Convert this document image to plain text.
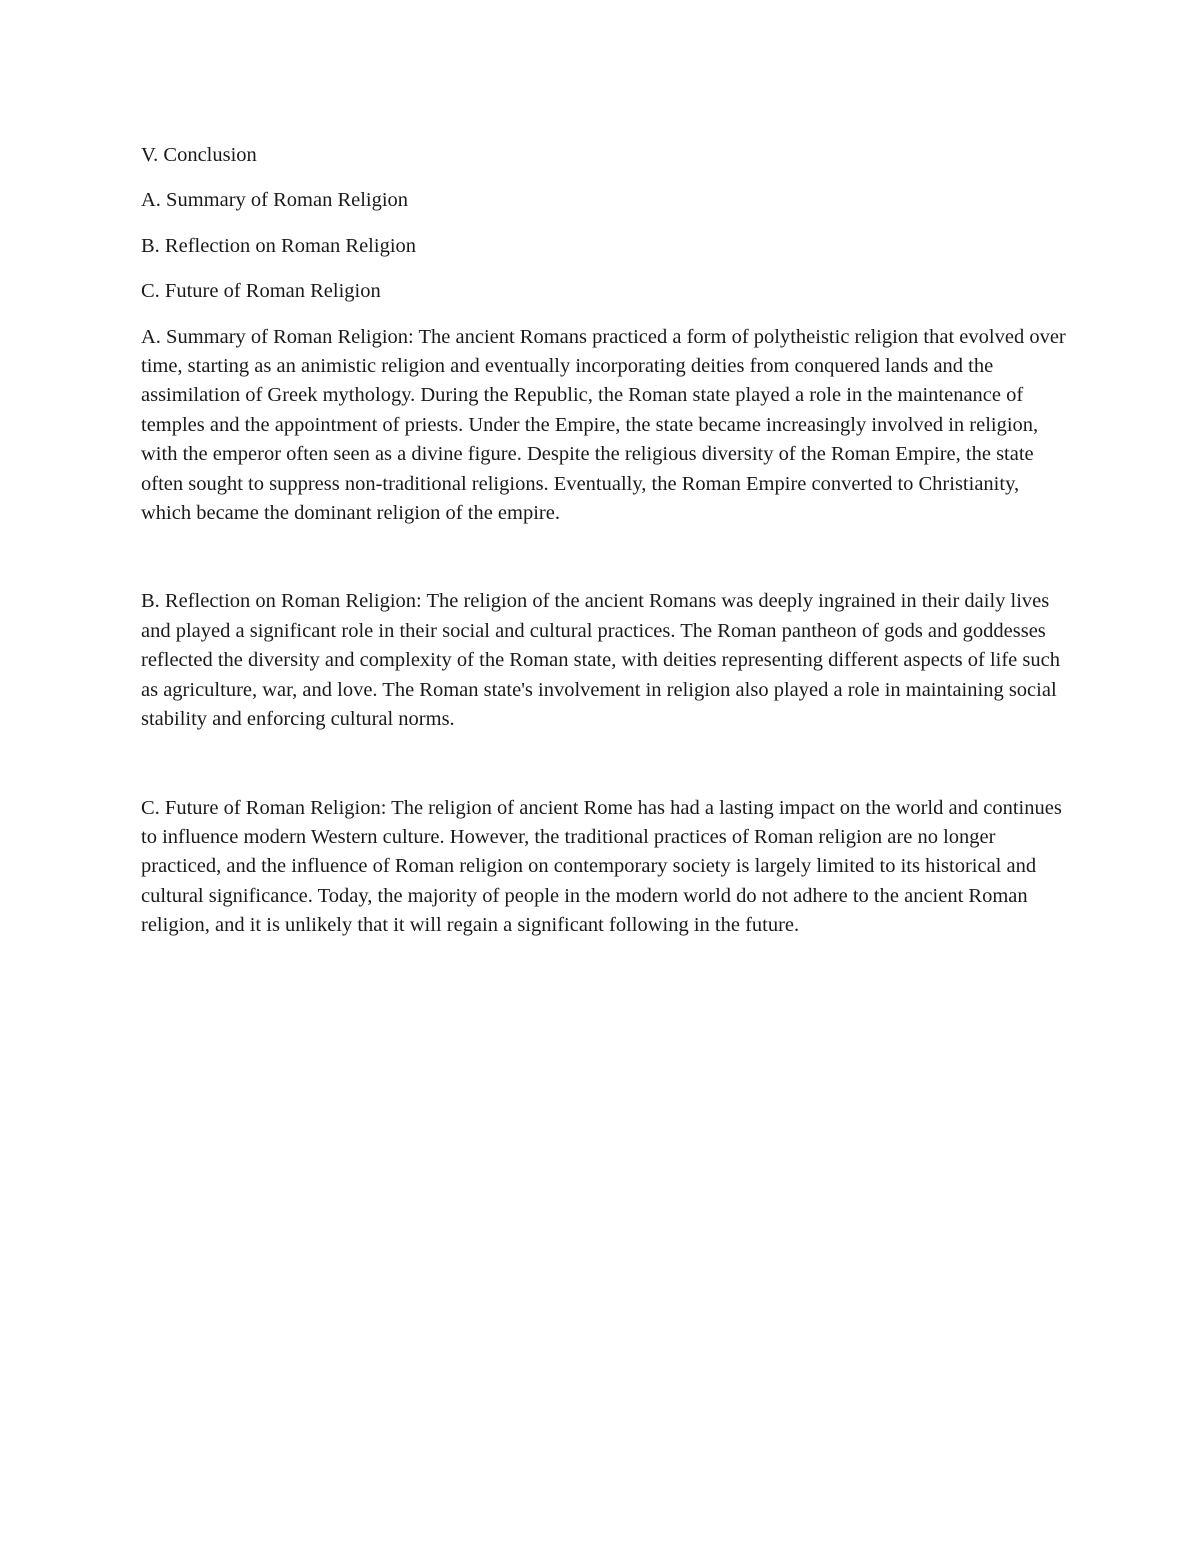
V. Conclusion

A. Summary of Roman Religion

B. Reflection on Roman Religion

C. Future of Roman Religion

A. Summary of Roman Religion: The ancient Romans practiced a form of polytheistic religion that evolved over time, starting as an animistic religion and eventually incorporating deities from conquered lands and the assimilation of Greek mythology. During the Republic, the Roman state played a role in the maintenance of temples and the appointment of priests. Under the Empire, the state became increasingly involved in religion, with the emperor often seen as a divine figure. Despite the religious diversity of the Roman Empire, the state often sought to suppress non-traditional religions. Eventually, the Roman Empire converted to Christianity, which became the dominant religion of the empire.

B. Reflection on Roman Religion: The religion of the ancient Romans was deeply ingrained in their daily lives and played a significant role in their social and cultural practices. The Roman pantheon of gods and goddesses reflected the diversity and complexity of the Roman state, with deities representing different aspects of life such as agriculture, war, and love. The Roman state's involvement in religion also played a role in maintaining social stability and enforcing cultural norms.

C. Future of Roman Religion: The religion of ancient Rome has had a lasting impact on the world and continues to influence modern Western culture. However, the traditional practices of Roman religion are no longer practiced, and the influence of Roman religion on contemporary society is largely limited to its historical and cultural significance. Today, the majority of people in the modern world do not adhere to the ancient Roman religion, and it is unlikely that it will regain a significant following in the future.
